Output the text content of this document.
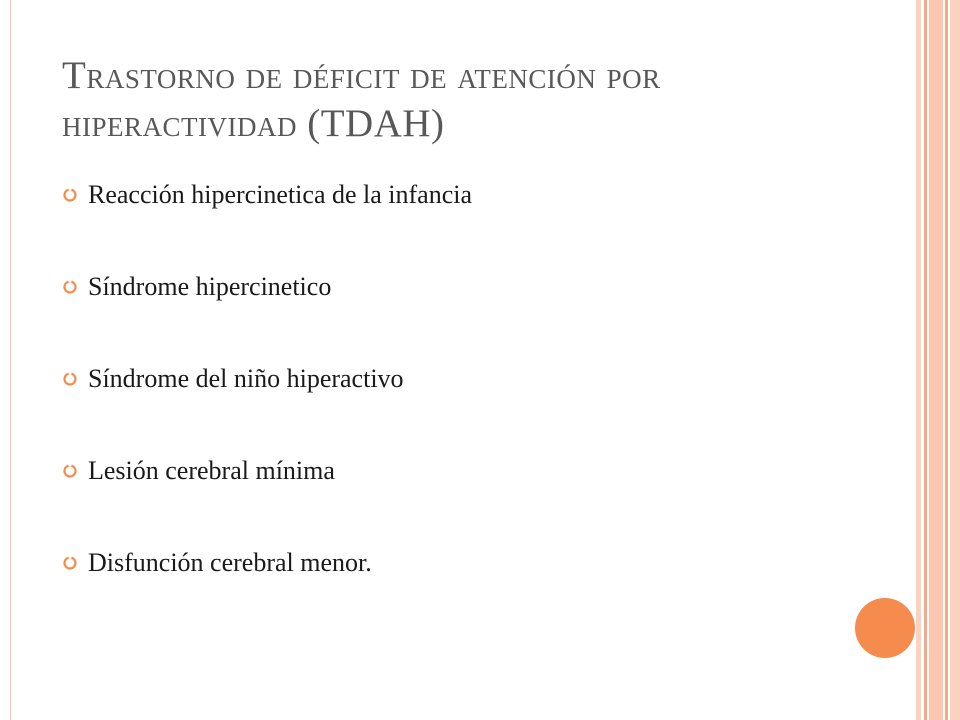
Trastorno de déficit de atención por hiperactividad (TDAH)
Reacción hipercinetica de la infancia
Síndrome hipercinetico
Síndrome del niño hiperactivo
Lesión cerebral mínima
Disfunción cerebral menor.
